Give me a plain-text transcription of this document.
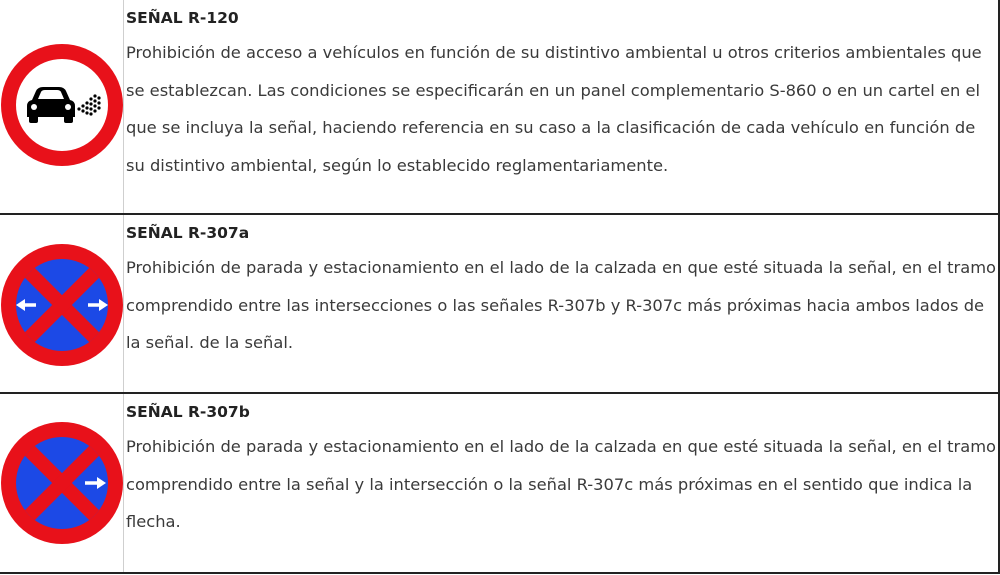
SEÑAL R-120

Prohibición de acceso a vehículos en función de su distintivo ambiental u otros criterios ambientales que se establezcan. Las condiciones se especificarán en un panel complementario S-860 o en un cartel en el que se incluya la señal, haciendo referencia en su caso a la clasificación de cada vehículo en función de su distintivo ambiental, según lo establecido reglamentariamente.

SEÑAL R-307a

Prohibición de parada y estacionamiento en el lado de la calzada en que esté situada la señal, en el tramo comprendido entre las intersecciones o las señales R-307b y R-307c más próximas hacia ambos lados de la señal. de la señal.

SEÑAL R-307b

Prohibición de parada y estacionamiento en el lado de la calzada en que esté situada la señal, en el tramo comprendido entre la señal y la intersección o la señal R-307c más próximas en el sentido que indica la flecha.
